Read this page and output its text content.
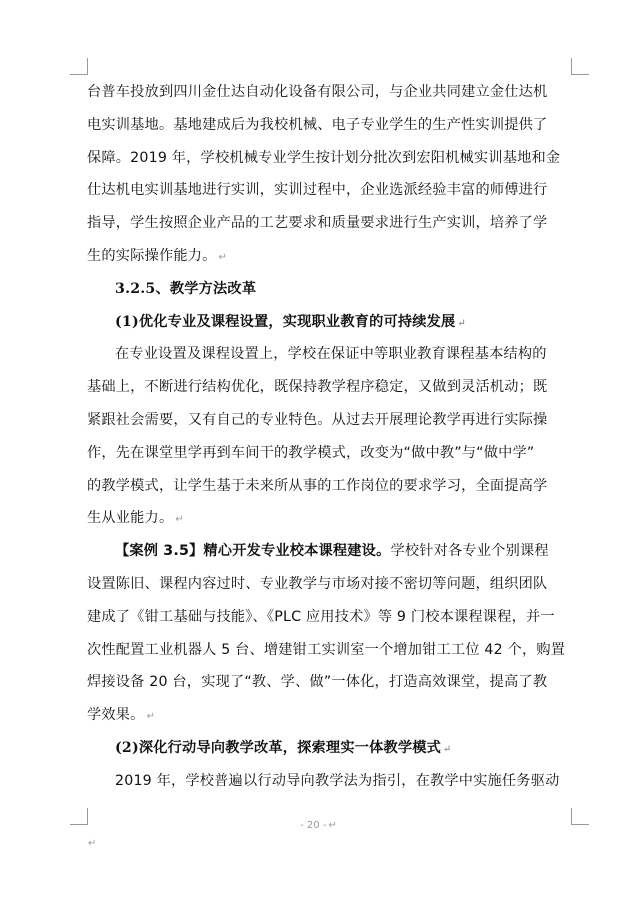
台普车投放到四川金仕达自动化设备有限公司，与企业共同建立金仕达机
电实训基地。基地建成后为我校机械、电子专业学生的生产性实训提供了
保障。2019 年，学校机械专业学生按计划分批次到宏阳机械实训基地和金
仕达机电实训基地进行实训，实训过程中，企业选派经验丰富的师傅进行
指导，学生按照企业产品的工艺要求和质量要求进行生产实训，培养了学
生的实际操作能力。 ↵
3.2.5、教学方法改革
(1)优化专业及课程设置，实现职业教育的可持续发展 ↵
在专业设置及课程设置上，学校在保证中等职业教育课程基本结构的
基础上，不断进行结构优化，既保持教学程序稳定，又做到灵活机动；既
紧跟社会需要，又有自己的专业特色。从过去开展理论教学再进行实际操
作，先在课堂里学再到车间干的教学模式，改变为“做中教”与“做中学”
的教学模式，让学生基于未来所从事的工作岗位的要求学习，全面提高学
生从业能力。 ↵
【案例 3.5】精心开发专业校本课程建设。学校针对各专业个别课程
设置陈旧、课程内容过时、专业教学与市场对接不密切等问题，组织团队
建成了《钳工基础与技能》、《PLC 应用技术》等 9 门校本课程课程，并一
次性配置工业机器人 5 台、增建钳工实训室一个增加钳工工位 42 个，购置
焊接设备 20 台，实现了“教、学、做”一体化，打造高效课堂，提高了教
学效果。 ↵
(2)深化行动导向教学改革，探索理实一体教学模式 ↵
2019 年，学校普遍以行动导向教学法为指引，在教学中实施任务驱动
- 20 - ↵
↵
